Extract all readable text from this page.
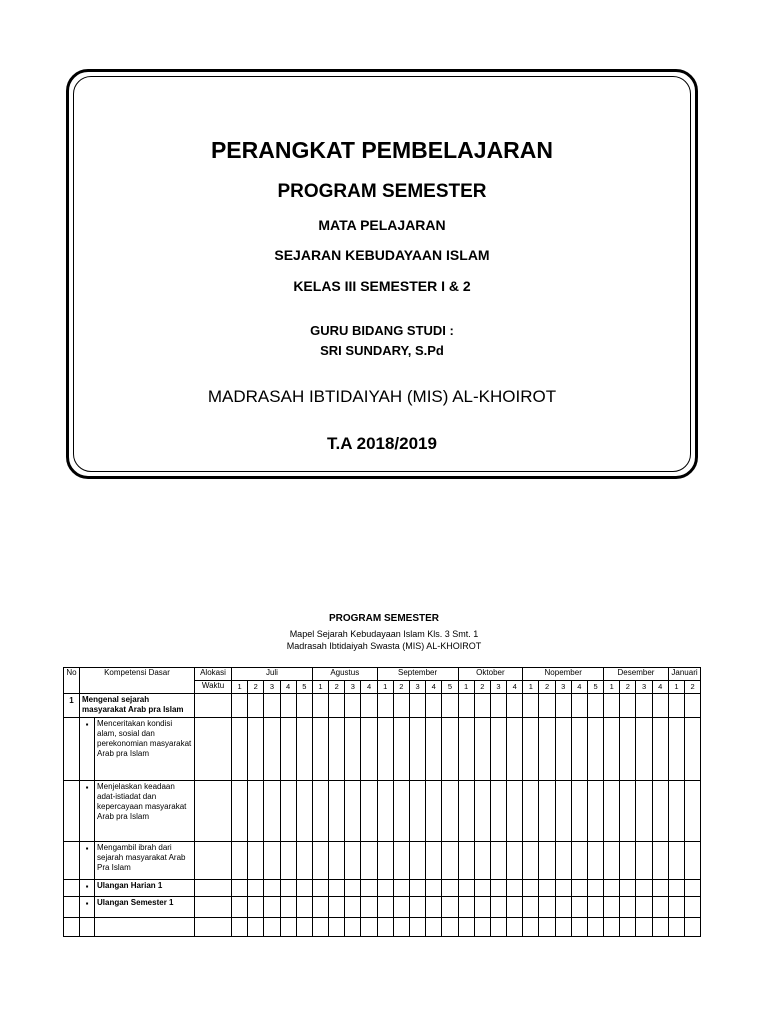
PERANGKAT PEMBELAJARAN
PROGRAM SEMESTER
MATA PELAJARAN
SEJARAN KEBUDAYAAN ISLAM
KELAS III SEMESTER I & 2
GURU BIDANG STUDI :
SRI SUNDARY, S.Pd
MADRASAH IBTIDAIYAH (MIS) AL-KHOIROT
T.A 2018/2019
PROGRAM SEMESTER
Mapel Sejarah Kebudayaan Islam Kls. 3 Smt. 1
Madrasah Ibtidaiyah Swasta (MIS) AL-KHOIROT
No	Kompetensi Dasar		Alokasi	Juli					Agustus				September					Oktober				Nopember					Desember				Januari	
			Waktu	1	2	3	4	5	1	2	3	4	1	2	3	4	5	1	2	3	4	1	2	3	4	5	1	2	3	4	1	2
1	Mengenal sejarah masyarakat Arab pra Islam																															
	▪	Menceritakan kondisi alam, sosial dan perekonomian masyarakat Arab pra Islam																														
	▪	Menjelaskan keadaan adat-istiadat dan kepercayaan masyarakat Arab pra Islam																														
	▪	Mengambil ibrah dari sejarah masyarakat Arab Pra Islam																														
	▪	Ulangan Harian 1																														
	▪	Ulangan Semester 1																														
